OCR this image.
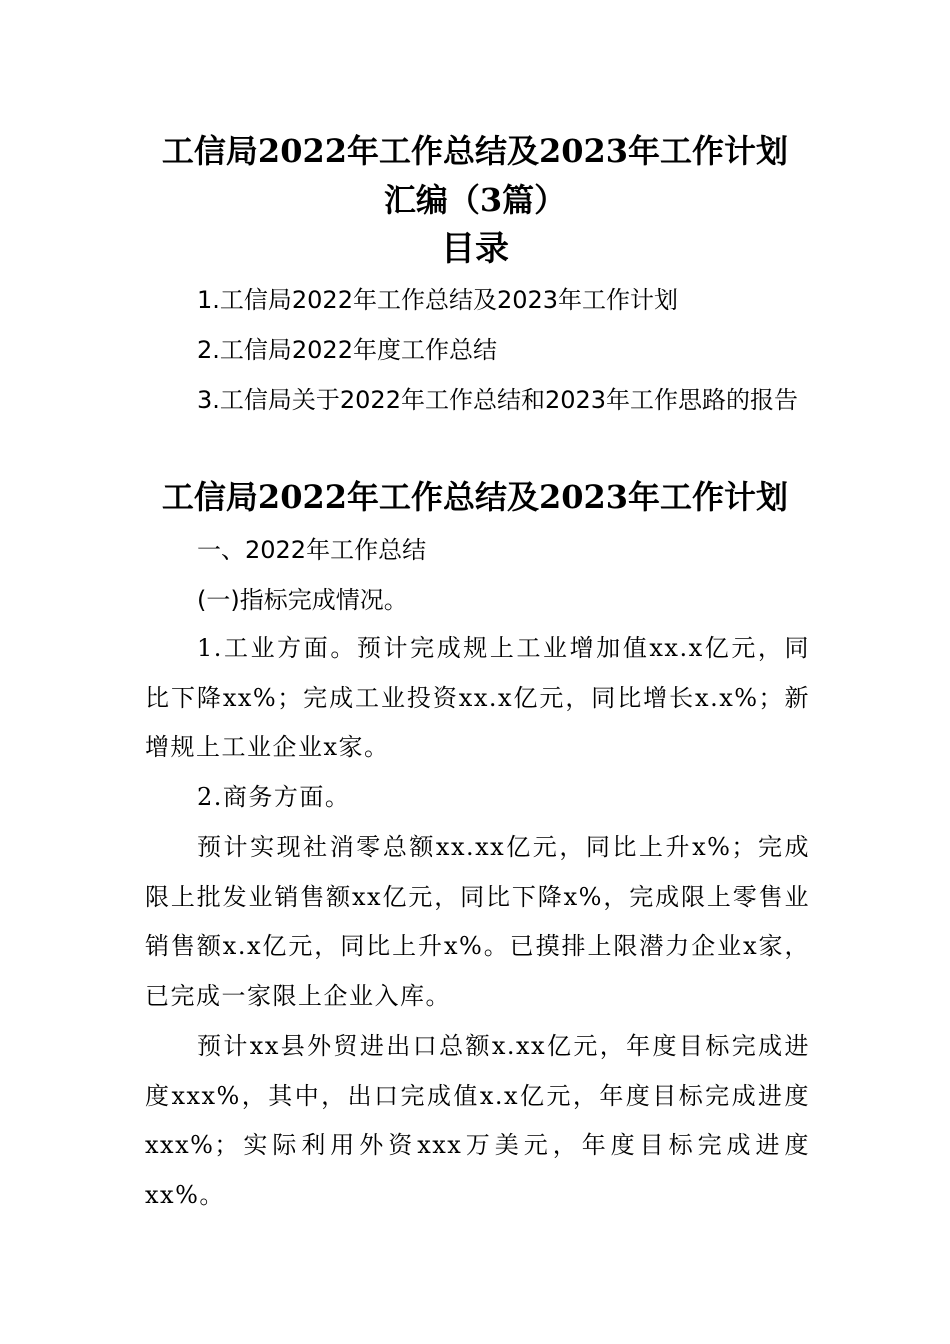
工信局2022年工作总结及2023年工作计划
汇编（3篇）
目录
1.工信局2022年工作总结及2023年工作计划
2.工信局2022年度工作总结
3.工信局关于2022年工作总结和2023年工作思路的报告
工信局2022年工作总结及2023年工作计划
一、2022年工作总结
(一)指标完成情况。
1.工业方面。预计完成规上工业增加值xx.x亿元，同比下降xx%；完成工业投资xx.x亿元，同比增长x.x%；新增规上工业企业x家。
2.商务方面。
预计实现社消零总额xx.xx亿元，同比上升x%；完成限上批发业销售额xx亿元，同比下降x%，完成限上零售业销售额x.x亿元，同比上升x%。已摸排上限潜力企业x家，已完成一家限上企业入库。
预计xx县外贸进出口总额x.xx亿元，年度目标完成进度xxx%，其中，出口完成值x.x亿元，年度目标完成进度xxx%；实际利用外资xxx万美元，年度目标完成进度xx%。
